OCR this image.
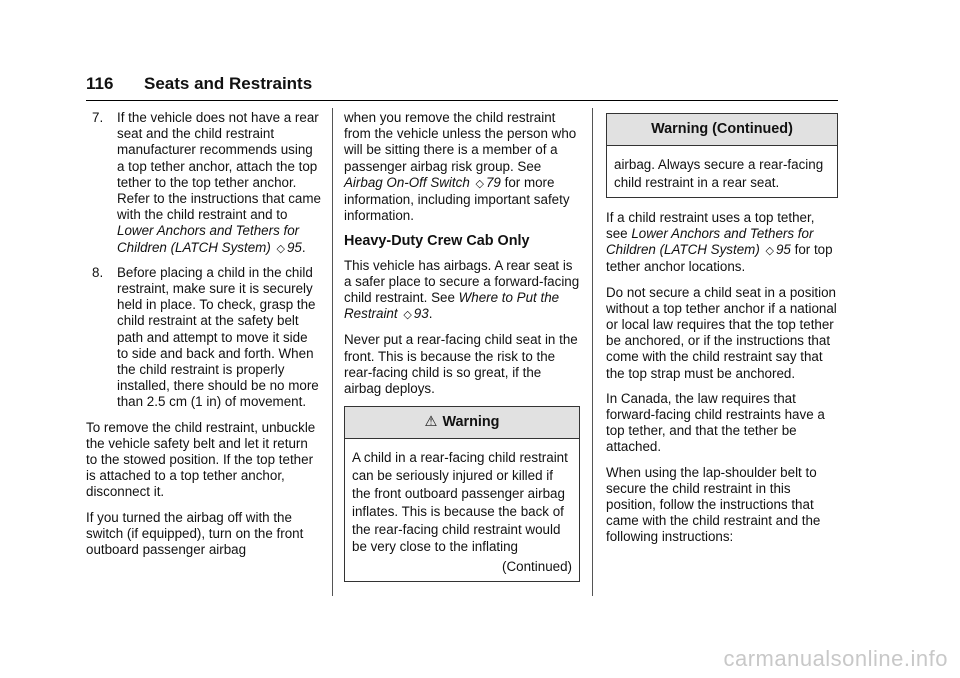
116 Seats and Restraints
7. If the vehicle does not have a rear seat and the child restraint manufacturer recommends using a top tether anchor, attach the top tether to the top tether anchor. Refer to the instructions that came with the child restraint and to Lower Anchors and Tethers for Children (LATCH System) ◇ 95.
8. Before placing a child in the child restraint, make sure it is securely held in place. To check, grasp the child restraint at the safety belt path and attempt to move it side to side and back and forth. When the child restraint is properly installed, there should be no more than 2.5 cm (1 in) of movement.

To remove the child restraint, unbuckle the vehicle safety belt and let it return to the stowed position. If the top tether is attached to a top tether anchor, disconnect it.

If you turned the airbag off with the switch (if equipped), turn on the front outboard passenger airbag

when you remove the child restraint from the vehicle unless the person who will be sitting there is a member of a passenger airbag risk group. See Airbag On-Off Switch ◇ 79 for more information, including important safety information.

Heavy-Duty Crew Cab Only

This vehicle has airbags. A rear seat is a safer place to secure a forward-facing child restraint. See Where to Put the Restraint ◇ 93.

Never put a rear-facing child seat in the front. This is because the risk to the rear-facing child is so great, if the airbag deploys.

⚠ Warning

A child in a rear-facing child restraint can be seriously injured or killed if the front outboard passenger airbag inflates. This is because the back of the rear-facing child restraint would be very close to the inflating

(Continued)
Warning (Continued)

airbag. Always secure a rear-facing child restraint in a rear seat.

If a child restraint uses a top tether, see Lower Anchors and Tethers for Children (LATCH System) ◇ 95 for top tether anchor locations.

Do not secure a child seat in a position without a top tether anchor if a national or local law requires that the top tether be anchored, or if the instructions that come with the child restraint say that the top strap must be anchored.

In Canada, the law requires that forward-facing child restraints have a top tether, and that the tether be attached.

When using the lap-shoulder belt to secure the child restraint in this position, follow the instructions that came with the child restraint and the following instructions:

carmanualsonline.info
